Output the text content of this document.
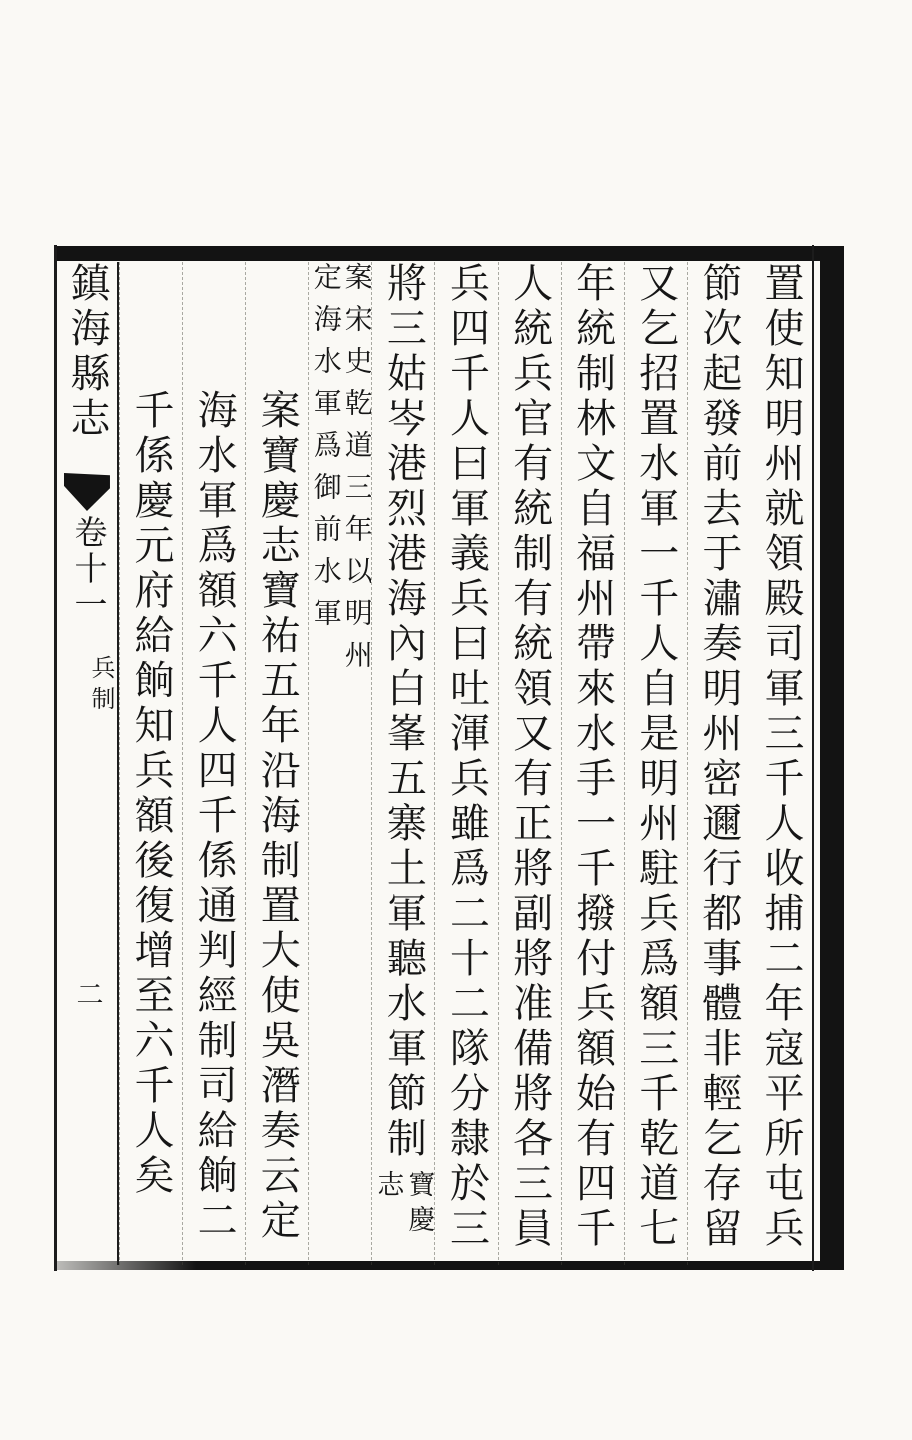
置使知明州就領殿司軍三千人收捕二年寇平所屯兵
節次起發前去于潚奏明州密邇行都事體非輕乞存留
又乞招置水軍一千人自是明州駐兵爲額三千乾道七
年統制林文自福州帶來水手一千撥付兵額始有四千
人統兵官有統制有統領又有正將副將准備將各三員
兵四千人曰軍義兵曰吐渾兵雖爲二十二隊分隸於三
將三姑岑港烈港海內白峯五寨土軍聽水軍節制
志 寶慶
定海水軍爲御前水軍 案宋史乾道三年以明州
案寶慶志寶祐五年沿海制置大使吳潛奏云定
海水軍爲額六千人四千係通判經制司給餉二
千係慶元府給餉知兵額後復增至六千人矣
鎮海縣志
卷十一
兵制
二
